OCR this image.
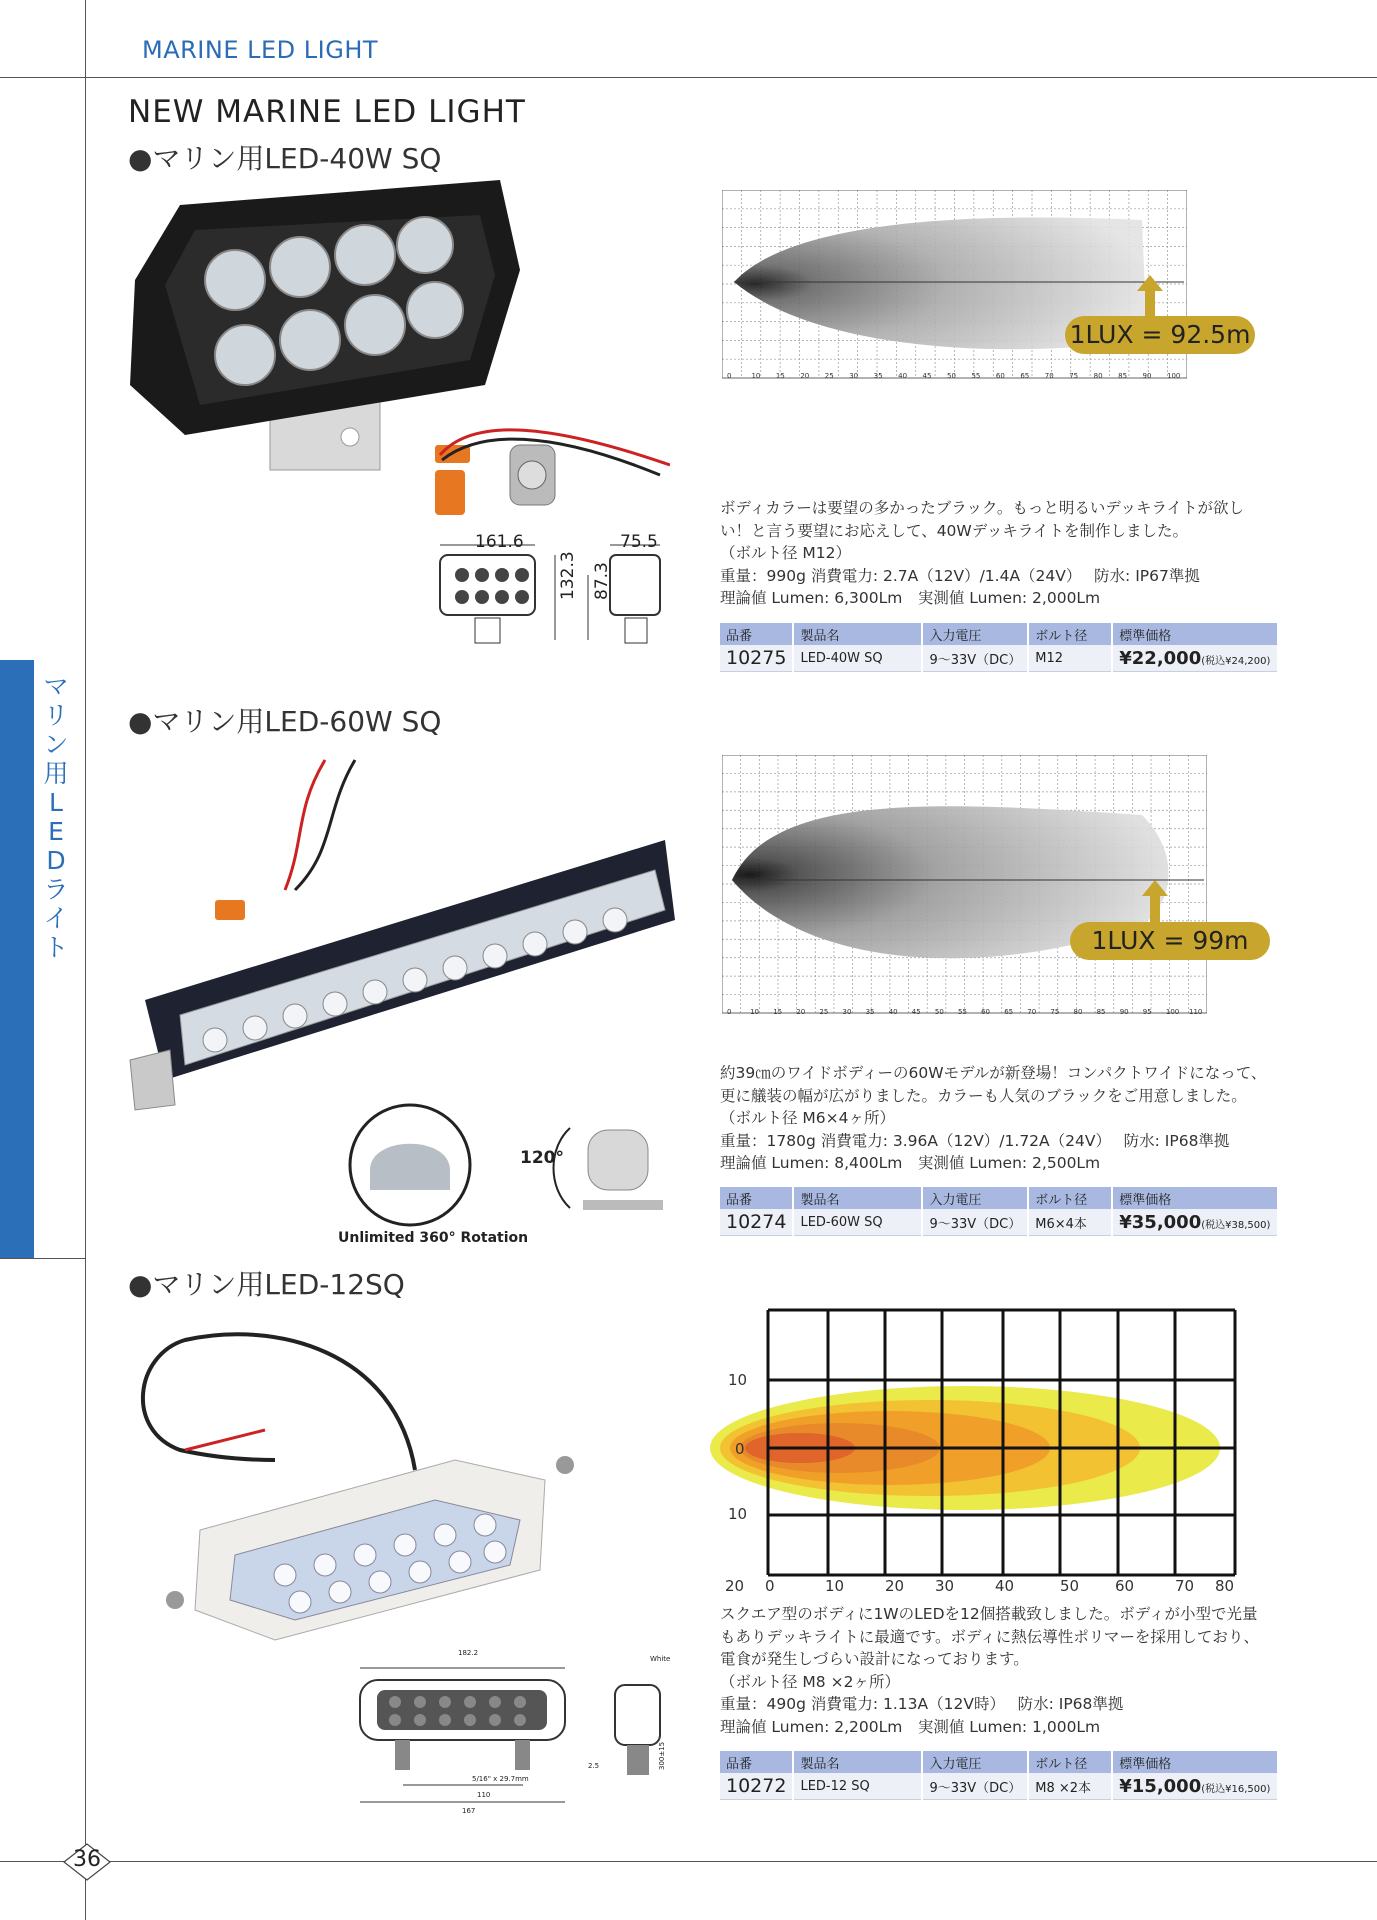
MARINE LED LIGHT
NEW MARINE LED LIGHT
マ
リ
ン
用
L
E
D
ラ
イ
ト
36
●マリン用LED-40W SQ
161.6	75.5
132.3 87.3
1LUX = 92.5m
ボディカラーは要望の多かったブラック。もっと明るいデッキライトが欲し
い！と言う要望にお応えして、40Wデッキライトを制作しました。
（ボルト径 M12）
重量：990g 消費電力: 2.7A（12V）/1.4A（24V）　 防水: IP67準拠
理論値 Lumen: 6,300Lm　実測値 Lumen: 2,000Lm
品番	製品名	入力電圧	ボルト径	標準価格
10275	LED-40W SQ	9〜33V（DC）	M12	¥22,000(税込¥24,200)
●マリン用LED-60W SQ
Unlimited 360° Rotation
120°
1LUX = 99m
約39㎝のワイドボディーの60Wモデルが新登場！コンパクトワイドになって、
更に艤装の幅が広がりました。カラーも人気のブラックをご用意しました。
（ボルト径 M6×4ヶ所）
重量：1780g 消費電力: 3.96A（12V）/1.72A（24V）　 防水: IP68準拠
理論値 Lumen: 8,400Lm　実測値 Lumen: 2,500Lm
品番	製品名	入力電圧	ボルト径	標準価格
10274	LED-60W SQ	9〜33V（DC）	M6×4本	¥35,000(税込¥38,500)
●マリン用LED-12SQ
182.2
110
167
5/16" x 29.7mm
2.5
White
300±15
10
0
10
20 0	10	20 30	40	50 60	70 80
スクエア型のボディに1WのLEDを12個搭載致しました。ボディが小型で光量
もありデッキライトに最適です。ボディに熱伝導性ポリマーを採用しており、
電食が発生しづらい設計になっております。
（ボルト径 M8 ×2ヶ所）
重量：490g 消費電力: 1.13A（12V時）　 防水: IP68準拠
理論値 Lumen: 2,200Lm　実測値 Lumen: 1,000Lm
品番	製品名	入力電圧	ボルト径	標準価格
10272	LED-12 SQ	9〜33V（DC）	M8 ×2本	¥15,000(税込¥16,500)
0	10 15 20 25 30 35 40 45 50 55 60 65 70 75 80 85 90 100
0	10 15 20 25 30 35 40 45 50 55 60 65 70 75 80 85 90 95 100 110
